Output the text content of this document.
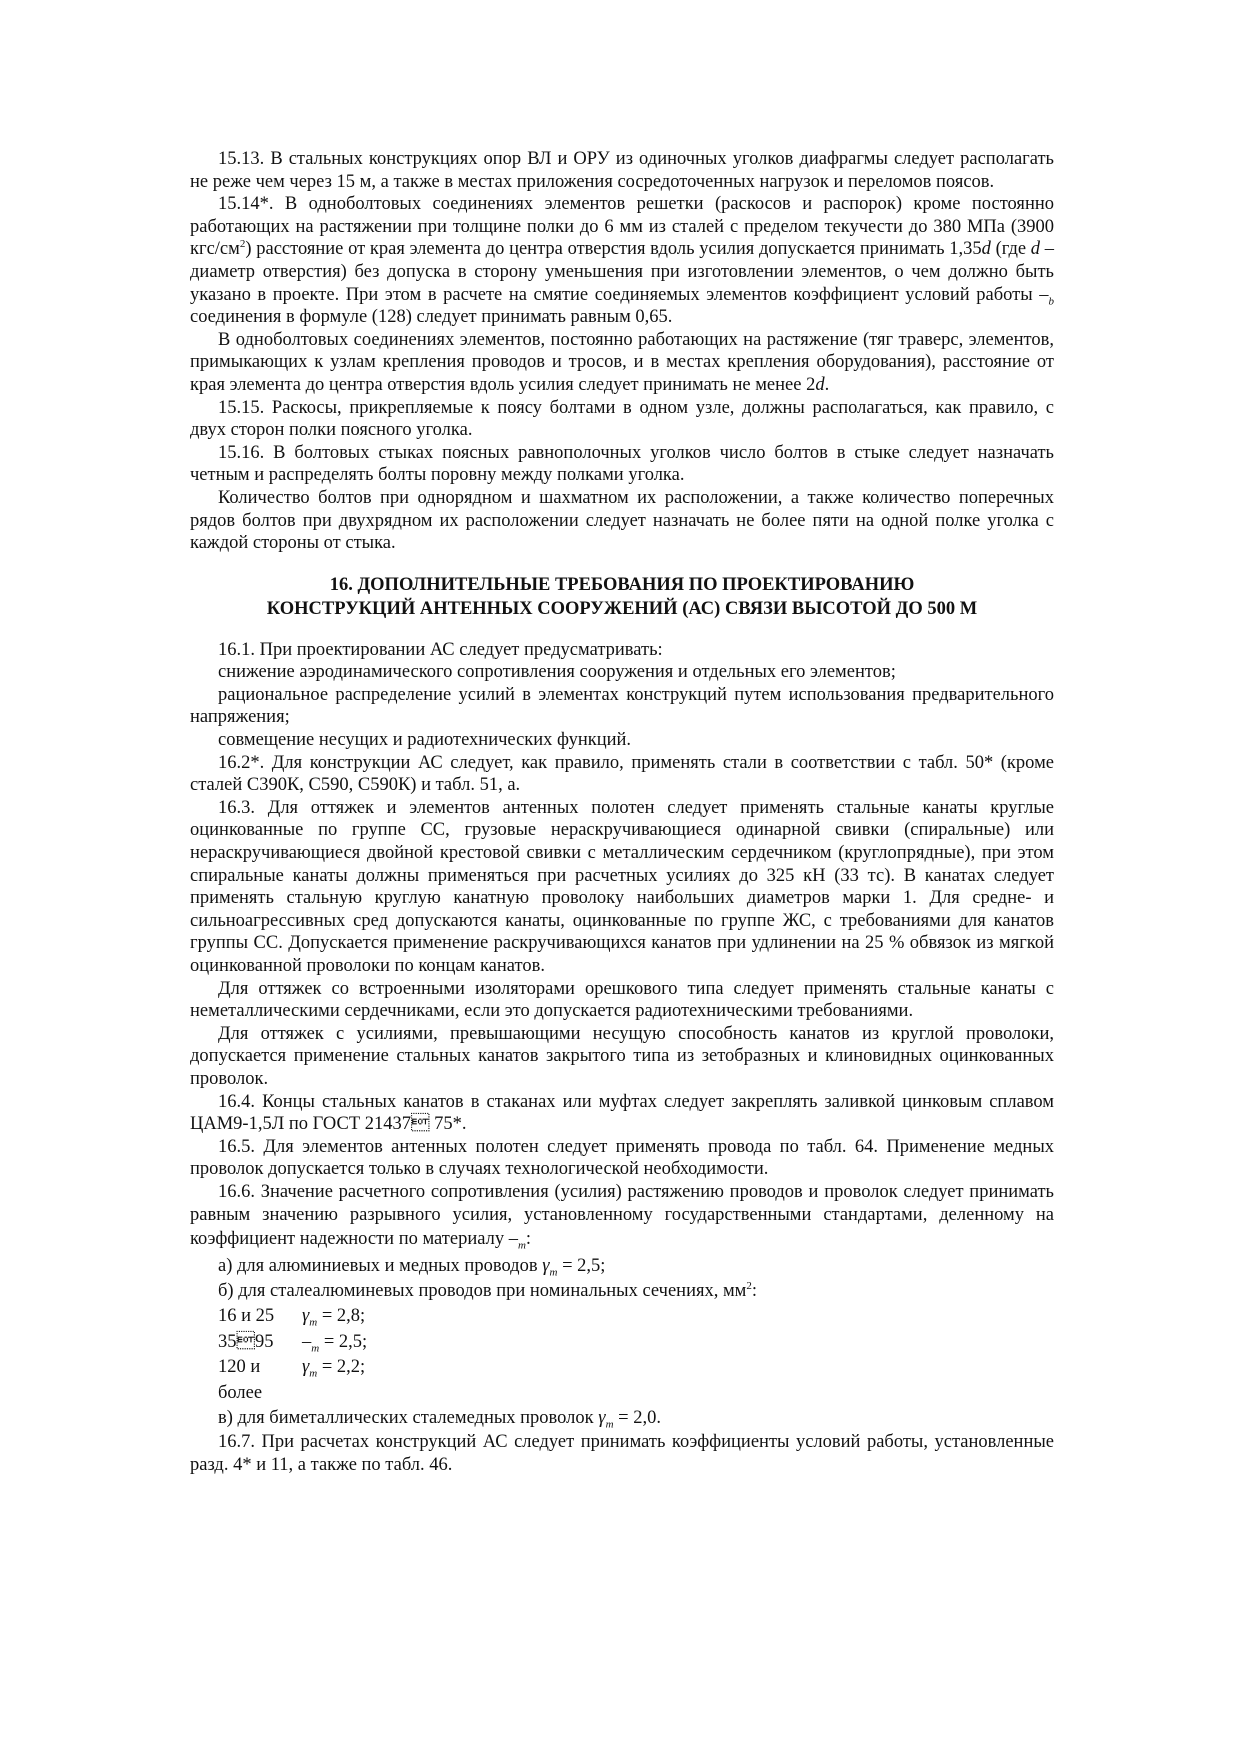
15.13. В стальных конструкциях опор ВЛ и ОРУ из одиночных уголков диафрагмы следует располагать не реже чем через 15 м, а также в местах приложения сосредоточенных нагрузок и переломов поясов.

15.14*. В одноболтовых соединениях элементов решетки (раскосов и распорок) кроме постоянно работающих на растяжении при толщине полки до 6 мм из сталей с пределом текучести до 380 МПа (3900 кгс/$см^2$) расстояние от края элемента до центра отверстия вдоль усилия допускается принимать 1,35d (где d – диаметр отверстия) без допуска в сторону уменьшения при изготовлении элементов, о чем должно быть указано в проекте. При этом в расчете на смятие соединяемых элементов коэффициент условий работы $-_b$ соединения в формуле (128) следует принимать равным 0,65.

В одноболтовых соединениях элементов, постоянно работающих на растяжение (тяг траверс, элементов, примыкающих к узлам крепления проводов и тросов, и в местах крепления оборудования), расстояние от края элемента до центра отверстия вдоль усилия следует принимать не менее 2d.

15.15. Раскосы, прикрепляемые к поясу болтами в одном узле, должны располагаться, как правило, с двух сторон полки поясного уголка.

15.16. В болтовых стыках поясных равнополочных уголков число болтов в стыке следует назначать четным и распределять болты поровну между полками уголка.

Количество болтов при однорядном и шахматном их расположении, а также количество поперечных рядов болтов при двухрядном их расположении следует назначать не более пяти на одной полке уголка с каждой стороны от стыка.

16. ДОПОЛНИТЕЛЬНЫЕ ТРЕБОВАНИЯ ПО ПРОЕКТИРОВАНИЮ
КОНСТРУКЦИЙ АНТЕННЫХ СООРУЖЕНИЙ (АС) СВЯЗИ ВЫСОТОЙ ДО 500 М

16.1. При проектировании АС следует предусматривать:

снижение аэродинамического сопротивления сооружения и отдельных его элементов;

рациональное распределение усилий в элементах конструкций путем использования предварительного напряжения;

совмещение несущих и радиотехнических функций.

16.2*. Для конструкции АС следует, как правило, применять стали в соответствии с табл. 50* (кроме сталей С390К, С590, С590К) и табл. 51, а.

16.3. Для оттяжек и элементов антенных полотен следует применять стальные канаты круглые оцинкованные по группе СС, грузовые нераскручивающиеся одинарной свивки (спиральные) или нераскручивающиеся двойной крестовой свивки с металлическим сердечником (круглопрядные), при этом спиральные канаты должны применяться при расчетных усилиях до 325 кН (33 тс). В канатах следует применять стальную круглую канатную проволоку наибольших диаметров марки 1. Для средне- и сильноагрессивных сред допускаются канаты, оцинкованные по группе ЖС, с требованиями для канатов группы СС. Допускается применение раскручивающихся канатов при удлинении на 25 % обвязок из мягкой оцинкованной проволоки по концам канатов.

Для оттяжек со встроенными изоляторами орешкового типа следует применять стальные канаты с неметаллическими сердечниками, если это допускается радиотехническими требованиями.

Для оттяжек с усилиями, превышающими несущую способность канатов из круглой проволоки, допускается применение стальных канатов закрытого типа из зетобразных и клиновидных оцинкованных проволок.

16.4. Концы стальных канатов в стаканах или муфтах следует закреплять заливкой цинковым сплавом ЦАМ9-1,5Л по ГОСТ 21437 75*.

16.5. Для элементов антенных полотен следует применять провода по табл. 64. Применение медных проволок допускается только в случаях технологической необходимости.

16.6. Значение расчетного сопротивления (усилия) растяжению проводов и проволок следует принимать равным значению разрывного усилия, установленному государственными стандартами, деленному на коэффициент надежности по материалу $-_m$:

а) для алюминиевых и медных проводов $\gamma_m = 2,5$;

б) для сталеалюминевых проводов при номинальных сечениях, $мм^2$:

16 и 25	$\gamma_m = 2,8$;
3595	$-_m = 2,5$;
120 и более
$\gamma_m = 2,2$;

в) для биметаллических сталемедных проволок $\gamma_m = 2,0$.

16.7. При расчетах конструкций АС следует принимать коэффициенты условий работы, установленные разд. 4* и 11, а также по табл. 46.
